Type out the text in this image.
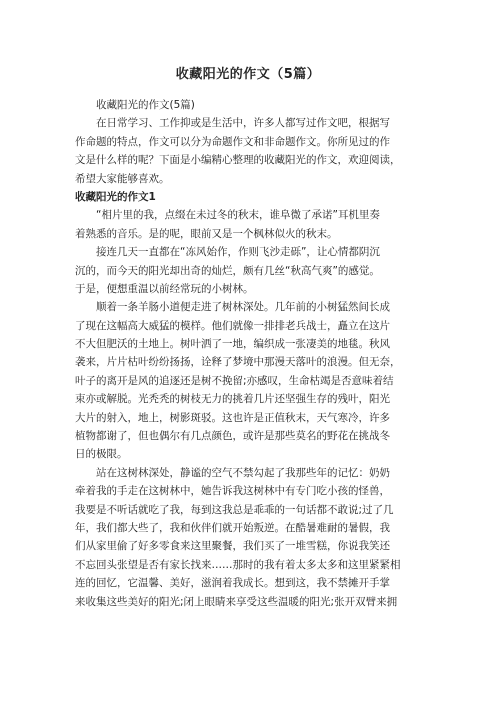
收藏阳光的作文（5篇）
收藏阳光的作文(5篇)
在日常学习、工作抑或是生活中，许多人都写过作文吧，根据写
作命题的特点，作文可以分为命题作文和非命题作文。你所见过的作
文是什么样的呢？下面是小编精心整理的收藏阳光的作文，欢迎阅读，
希望大家能够喜欢。
收藏阳光的作文1
“相片里的我，点缀在未过冬的秋末，谁阜微了承诺”耳机里奏
着熟悉的音乐。是的呢，眼前又是一个枫林似火的秋末。
接连几天一直都在“冻风始作，作则飞沙走砾”，让心情都阴沉
沉的，而今天的阳光却出奇的灿烂，颇有几丝“秋高气爽”的感觉。
于是，便想重温以前经常玩的小树林。
顺着一条羊肠小道便走进了树林深处。几年前的小树猛然间长成
了现在这幅高大威猛的模样。他们就像一排排老兵战士，矗立在这片
不大但肥沃的土地上。树叶洒了一地，编织成一张凄美的地毯。秋风
袭来，片片枯叶纷纷扬扬，诠释了梦境中那漫天落叶的浪漫。但无奈，
叶子的离开是风的追逐还是树不挽留;亦感叹，生命枯竭是否意味着结
束亦或解脱。光秃秃的树枝无力的挑着几片还坚强生存的残叶，阳光
大片的射入，地上，树影斑驳。这也许是正值秋末，天气寒冷，许多
植物都谢了，但也偶尔有几点颜色，或许是那些莫名的野花在挑战冬
日的极限。
站在这树林深处，静谧的空气不禁勾起了我那些年的记忆：奶奶
牵着我的手走在这树林中，她告诉我这树林中有专门吃小孩的怪兽，
我要是不听话就吃了我，每到这我总是乖乖的一句话都不敢说;过了几
年，我们都大些了，我和伙伴们就开始叛逆。在酷暑难耐的暑假，我
们从家里偷了好多零食来这里聚餐，我们买了一堆雪糕，你说我笑还
不忘回头张望是否有家长找来……那时的我有着太多太多和这里紧紧相
连的回忆，它温馨、美好，滋润着我成长。想到这，我不禁摊开手掌
来收集这些美好的阳光;闭上眼睛来享受这些温暖的阳光;张开双臂来拥
